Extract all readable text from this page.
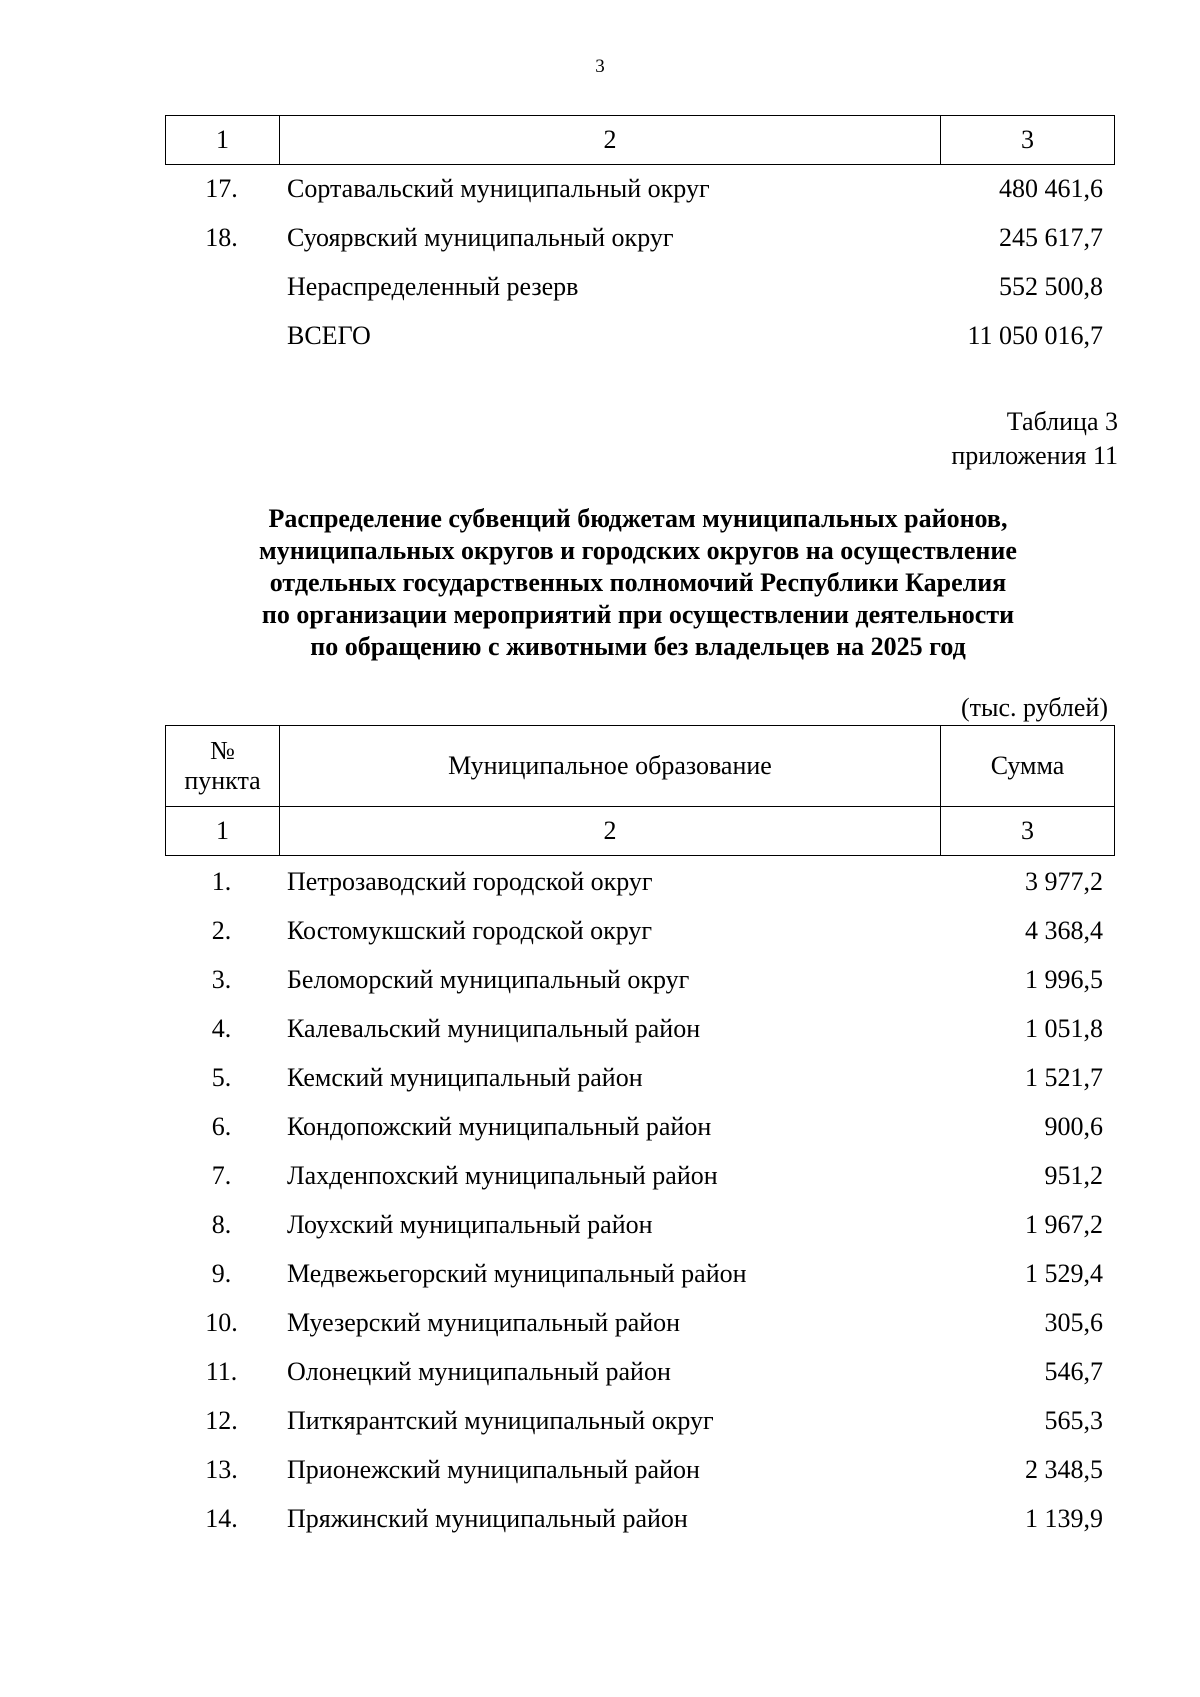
3
1	2	3
17.	Сортавальский муниципальный округ	480 461,6
18.	Суоярвский муниципальный округ	245 617,7
Нераспределенный резерв	552 500,8
ВСЕГО	11 050 016,7
Таблица 3
приложения 11
Распределение субвенций бюджетам муниципальных районов,
муниципальных округов и городских округов на осуществление
отдельных государственных полномочий Республики Карелия
по организации мероприятий при осуществлении деятельности
по обращению с животными без владельцев на 2025 год
(тыс. рублей)
№
пункта	Муниципальное образование	Сумма
1	2	3
1.	Петрозаводский городской округ	3 977,2
2.	Костомукшский городской округ	4 368,4
3.	Беломорский муниципальный округ	1 996,5
4.	Калевальский муниципальный район	1 051,8
5.	Кемский муниципальный район	1 521,7
6.	Кондопожский муниципальный район	900,6
7.	Лахденпохский муниципальный район	951,2
8.	Лоухский муниципальный район	1 967,2
9.	Медвежьегорский муниципальный район	1 529,4
10.	Муезерский муниципальный район	305,6
11.	Олонецкий муниципальный район	546,7
12.	Питкярантский муниципальный округ	565,3
13.	Прионежский муниципальный район	2 348,5
14.	Пряжинский муниципальный район	1 139,9
